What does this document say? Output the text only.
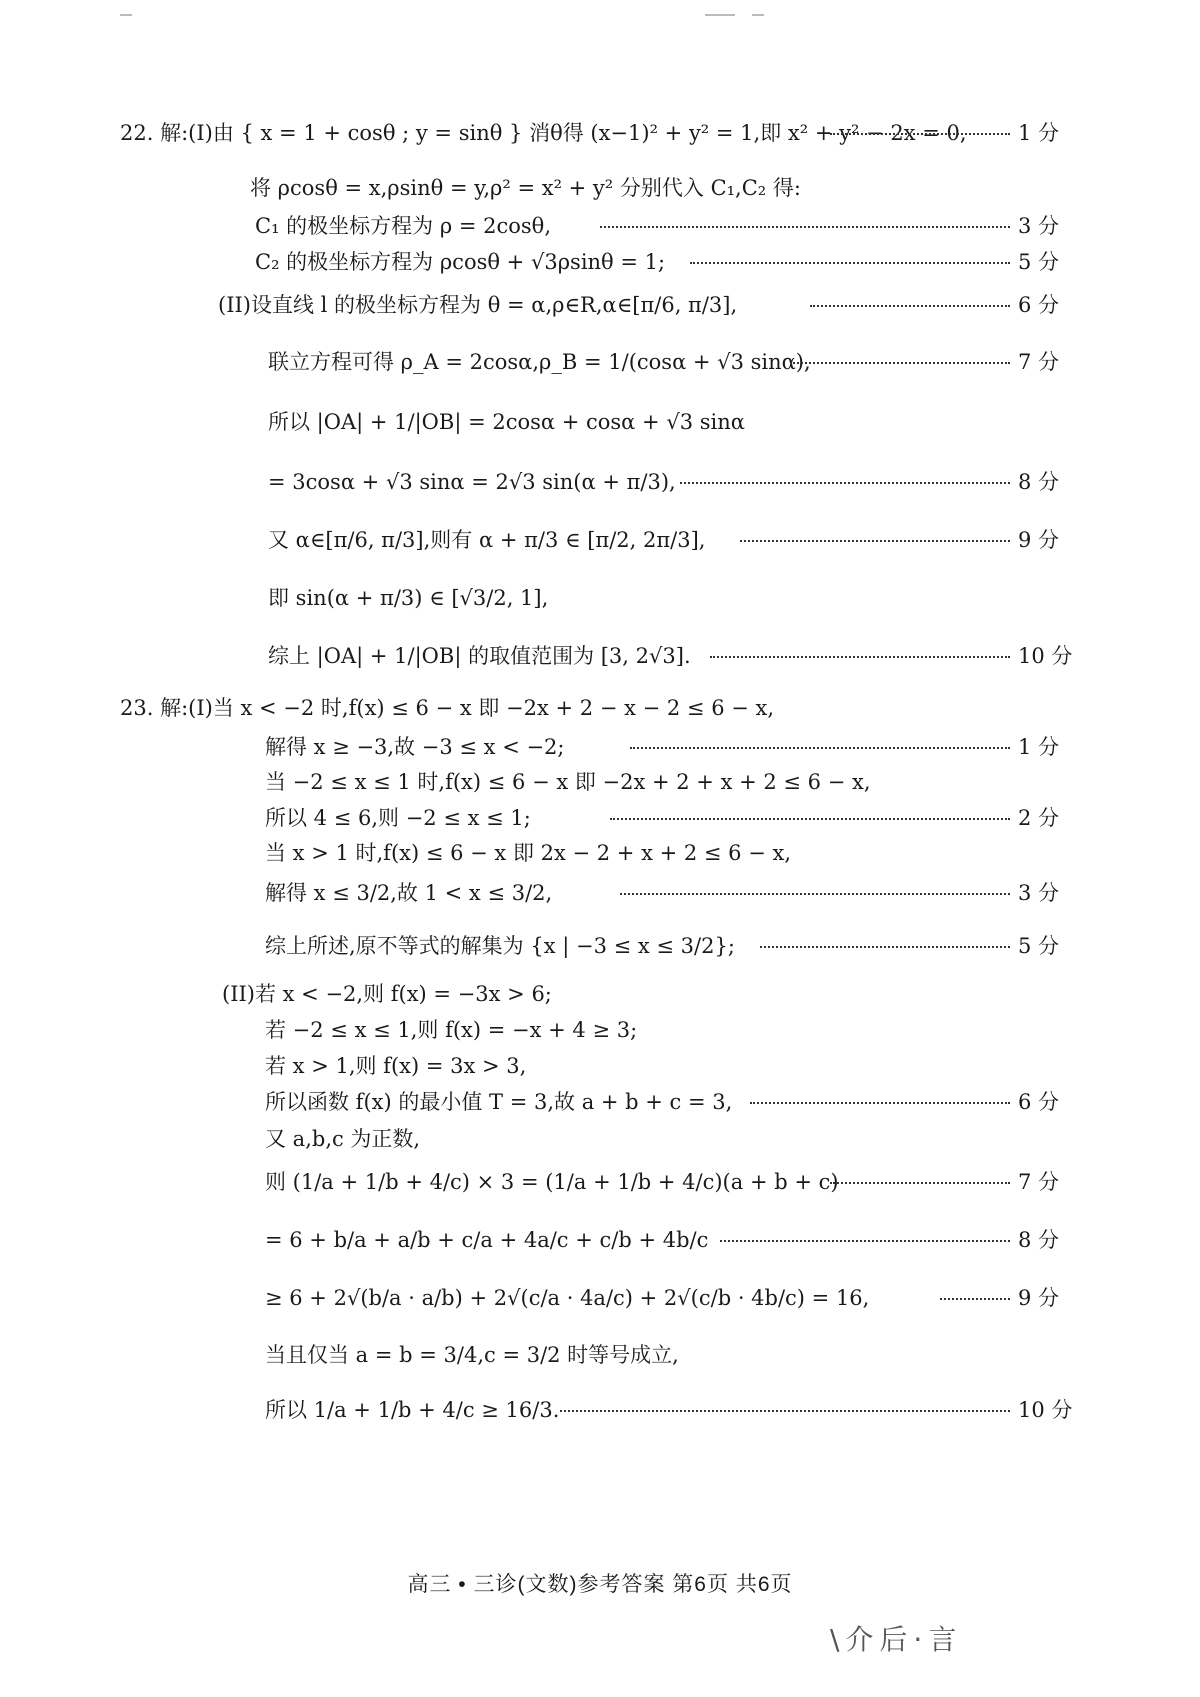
22. 解:(I)由 { x = 1 + cosθ ; y = sinθ } 消θ得 (x−1)² + y² = 1,即 x² + y² − 2x = 0, 1 分
将 ρcosθ = x,ρsinθ = y,ρ² = x² + y² 分别代入 C₁,C₂ 得:
C₁ 的极坐标方程为 ρ = 2cosθ,	3 分
C₂ 的极坐标方程为 ρcosθ + √3ρsinθ = 1;	5 分
(II)设直线 l 的极坐标方程为 θ = α,ρ∈R,α∈[π/6, π/3],	6 分
联立方程可得 ρ_A = 2cosα,ρ_B = 1/(cosα + √3 sinα),	7 分
所以 |OA| + 1/|OB| = 2cosα + cosα + √3 sinα
= 3cosα + √3 sinα = 2√3 sin(α + π/3),	8 分
又 α∈[π/6, π/3],则有 α + π/3 ∈ [π/2, 2π/3],	9 分
即 sin(α + π/3) ∈ [√3/2, 1],
综上 |OA| + 1/|OB| 的取值范围为 [3, 2√3].	10 分
23. 解:(I)当 x < −2 时,f(x) ≤ 6 − x 即 −2x + 2 − x − 2 ≤ 6 − x,
解得 x ≥ −3,故 −3 ≤ x < −2;	1 分
当 −2 ≤ x ≤ 1 时,f(x) ≤ 6 − x 即 −2x + 2 + x + 2 ≤ 6 − x,
所以 4 ≤ 6,则 −2 ≤ x ≤ 1;	2 分
当 x > 1 时,f(x) ≤ 6 − x 即 2x − 2 + x + 2 ≤ 6 − x,
解得 x ≤ 3/2,故 1 < x ≤ 3/2,	3 分
综上所述,原不等式的解集为 {x | −3 ≤ x ≤ 3/2};	5 分
(II)若 x < −2,则 f(x) = −3x > 6;
若 −2 ≤ x ≤ 1,则 f(x) = −x + 4 ≥ 3;
若 x > 1,则 f(x) = 3x > 3,
所以函数 f(x) 的最小值 T = 3,故 a + b + c = 3,	6 分
又 a,b,c 为正数,
则 (1/a + 1/b + 4/c) × 3 = (1/a + 1/b + 4/c)(a + b + c)	7 分
= 6 + b/a + a/b + c/a + 4a/c + c/b + 4b/c	8 分
≥ 6 + 2√(b/a · a/b) + 2√(c/a · 4a/c) + 2√(c/b · 4b/c) = 16,	9 分
当且仅当 a = b = 3/4,c = 3/2 时等号成立,
所以 1/a + 1/b + 4/c ≥ 16/3.	10 分
高三 • 三诊(文数)参考答案 第6页 共6页
\介后·言
